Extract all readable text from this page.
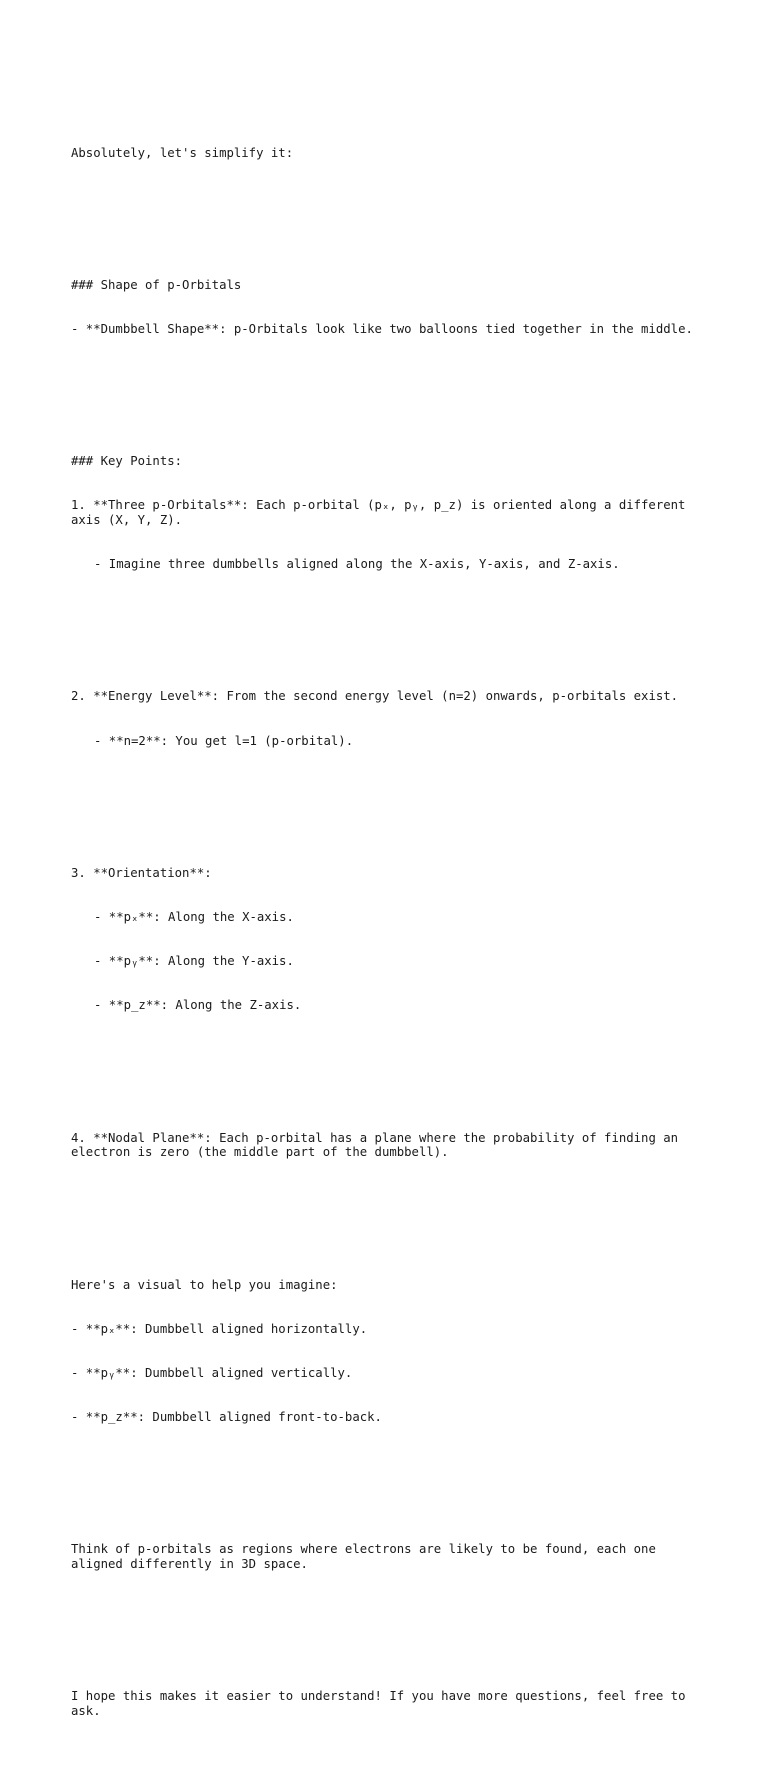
Absolutely, let's simplify it:

### Shape of p-Orbitals

- **Dumbbell Shape**: p-Orbitals look like two balloons tied together in the middle.

### Key Points:

1. **Three p-Orbitals**: Each p-orbital (pₓ, pᵧ, p_z) is oriented along a different axis (X, Y, Z).

- Imagine three dumbbells aligned along the X-axis, Y-axis, and Z-axis.

2. **Energy Level**: From the second energy level (n=2) onwards, p-orbitals exist.

- **n=2**: You get l=1 (p-orbital).

3. **Orientation**:

- **pₓ**: Along the X-axis.

- **pᵧ**: Along the Y-axis.

- **p_z**: Along the Z-axis.

4. **Nodal Plane**: Each p-orbital has a plane where the probability of finding an electron is zero (the middle part of the dumbbell).

Here's a visual to help you imagine:

- **pₓ**: Dumbbell aligned horizontally.

- **pᵧ**: Dumbbell aligned vertically.

- **p_z**: Dumbbell aligned front-to-back.

Think of p-orbitals as regions where electrons are likely to be found, each one aligned differently in 3D space.

I hope this makes it easier to understand! If you have more questions, feel free to ask.
